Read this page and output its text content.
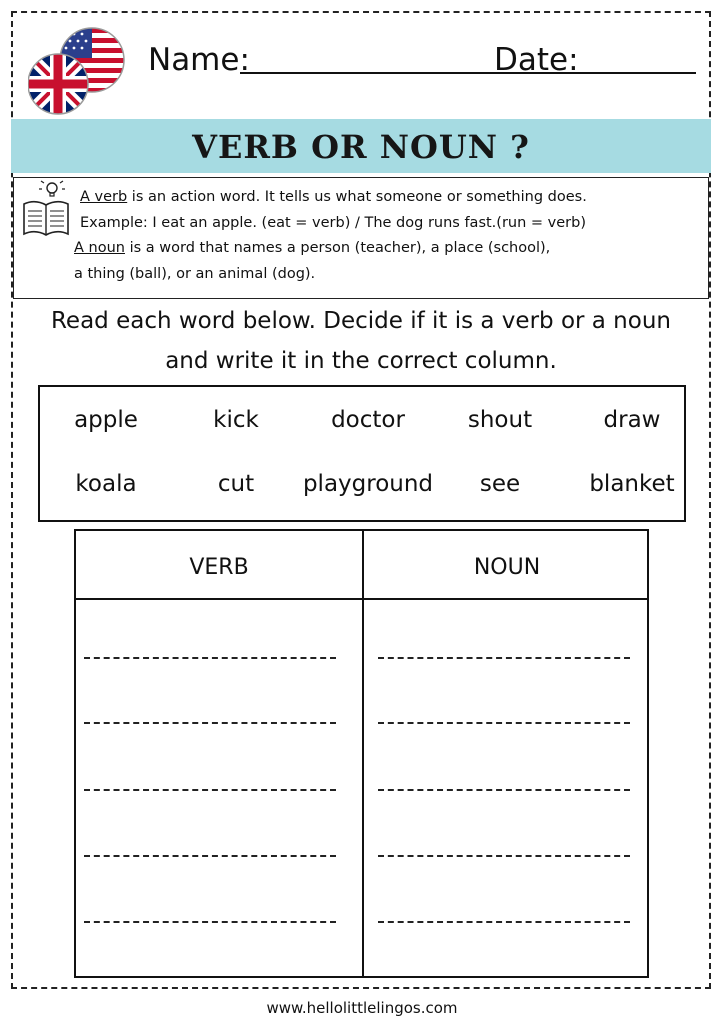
Name:	Date:
VERB OR NOUN ?
A verb is an action word. It tells us what someone or something does.
Example: I eat an apple. (eat = verb) / The dog runs fast.(run = verb)
A noun is a word that names a person (teacher), a place (school),
a thing (ball), or an animal (dog).
Read each word below. Decide if it is a verb or a noun
and write it in the correct column.
apple	kick	doctor	shout	draw
koala	cut	playground	see	blanket
VERB	NOUN
www.hellolittlelingos.com
